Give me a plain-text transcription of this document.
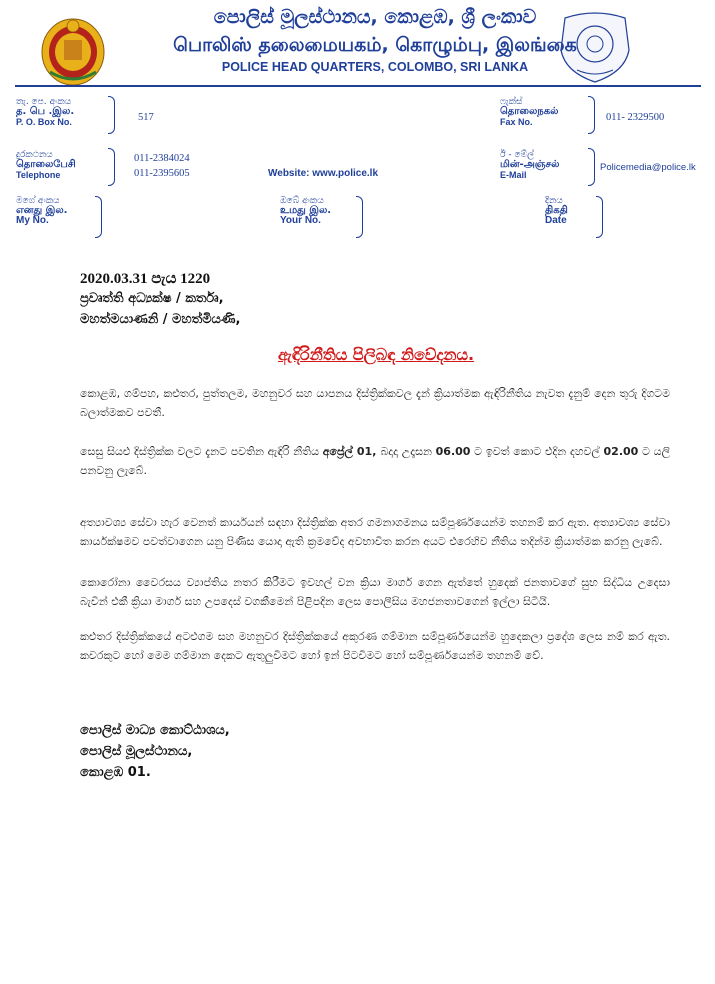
පොලිස් මූලස්ථානය, කොළඹ, ශ්‍රී ලංකාව
பொலிஸ் தலைமையகம், கொழும்பு, இலங்கை
POLICE HEAD QUARTERS, COLOMBO, SRI LANKA
තැ. පෙ. අංකය
த. பெ .இல.
P. O. Box No.	517
ෆැක්ස්
தொலைநகல்
Fax No.	011- 2329500
දුරකථනය
தொலைபேசி
Telephone
011-2384024
011-2395605	Website: www.police.lk
ඊ - මේල්
மின்-அஞ்சல்
E-Mail
Policemedia@police.lk
මගේ අංකය
எனது இல.
My No.
ඔබේ අංකය
உமது இல.
Your No.
දිනය
திகதி
Date
2020.03.31 පැය 1220
ප්‍රවෘත්ති අධ්‍යක්ෂ / කර්තෘ,
මහත්මයාණනි / මහත්මියණි,
ඇඳිරිනීතිය පිලිබඳ නිවේදනය.
කොළඹ, ගම්පහ, කළුතර, පුත්තලම, මහනුවර සහ යාපනය දිස්ත්‍රික්කවල දැන් ක්‍රියාත්මක ඇඳිරිනීතිය නැවත දැනුම් දෙන තුරු දිගටම බලාත්මකව පවතී.
සෙසු සියළු දිස්ත්‍රික්ක වලට දැනට පවතින ඇඳිරි නීතිය අප්‍රේල් 01, බදාදා උදෑසන 06.00 ට ඉවත් කොට එදින දහවල් 02.00 ට යලි පනවනු ලැබේ.
අත්‍යාවශ්‍ය සේවා හැර වෙනත් කාර්යයන් සඳහා දිස්ත්‍රික්ක අතර ගමනාගමනය සම්පූර්ණයෙන්ම තහනම් කර ඇත. අත්‍යාවශ්‍ය සේවා කාර්යක්ෂමව පවත්වාගෙන යනු පිණිස යොදා ඇති ක්‍රමවේද අවභාවිත කරන අයට එරෙහිව නීතිය තදින්ම ක්‍රියාත්මක කරනු ලැබේ.
කොරෝනා වෛරසය ව්‍යාප්තිය නතර කිරීමට ඉවහල් වන ක්‍රියා මාර්ග ගෙන ඇත්තේ හුදෙක් ජනතාවගේ සුභ සිද්ධිය උදෙසා බැවින් එකී ක්‍රියා මාර්ග සහ උපදෙස් වගකීමෙන් පිළිපදින ලෙස පොලීසිය මහජනතාවගෙන් ඉල්ලා සිටියි.
කළුතර දිස්ත්‍රික්කයේ අටළුගම සහ මහනුවර දිස්ත්‍රික්කයේ අකුරණ ගම්මාන සම්පූර්ණයෙන්ම හුදෙකලා ප්‍රදේශ ලෙස නම් කර ඇත. කවරකුට හෝ මෙම ගම්මාන දෙකට ඇතුලුවීමට හෝ ඉන් පිටවීමට හෝ සම්පූර්ණයෙන්ම තහනම් වේ.
පොලිස් මාධ්‍ය කොට්ඨාශය,
පොලිස් මූලස්ථානය,
කොළඹ 01.
